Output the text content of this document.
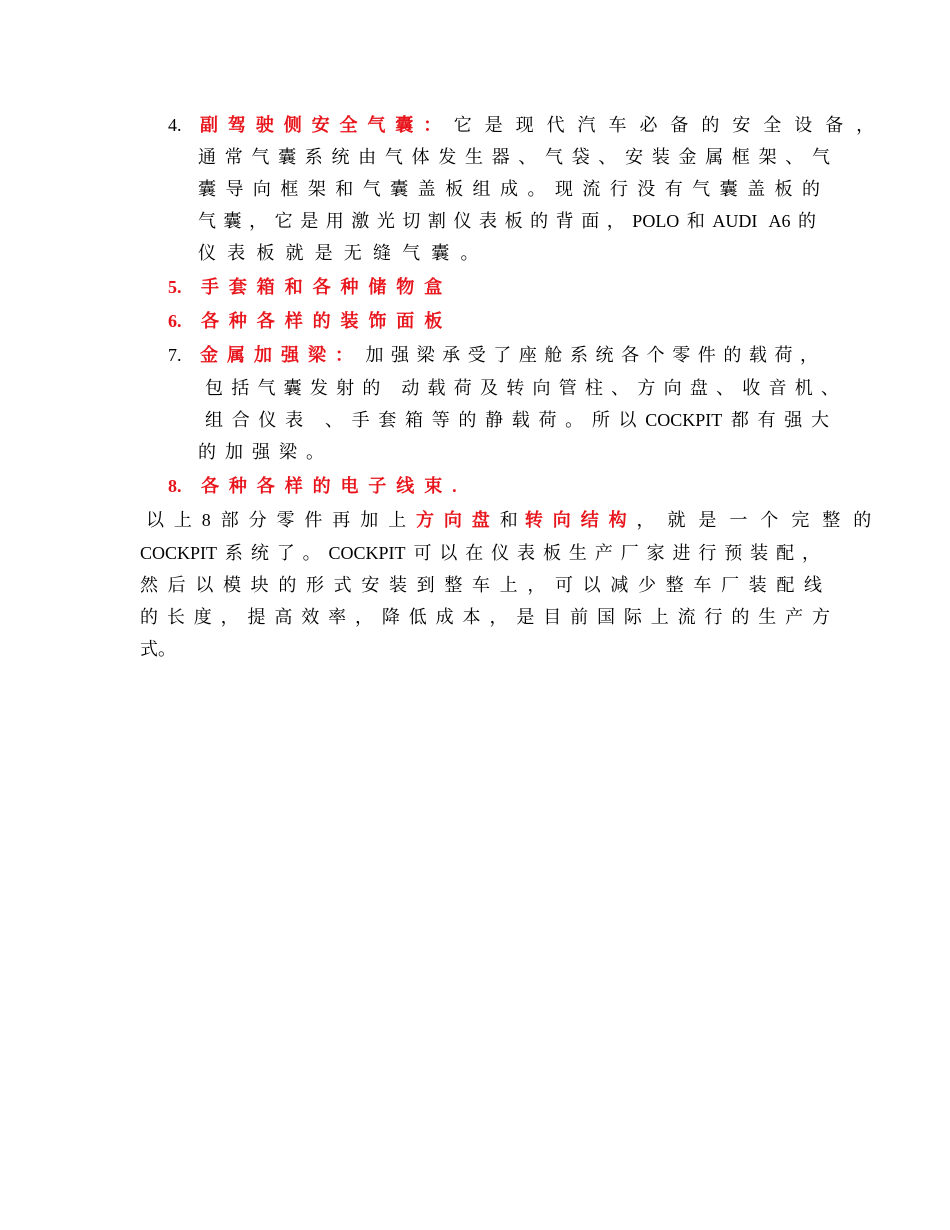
4. 副驾驶侧安全气囊： 它是现代汽车必备的安全设备，
通常气囊系统由气体发生器、气袋、安装金属框架、气
囊导向框架和气囊盖板组成。现流行没有气囊盖板的
气囊，它是用激光切割仪表板的背面，POLO和AUDI A6的
仪表板就是无缝气囊。
5. 手套箱和各种储物盒
6. 各种各样的装饰面板
7. 金属加强梁： 加强梁承受了座舱系统各个零件的载荷，
包括气囊发射的 动载荷及转向管柱、方向盘、收音机、
组合仪表 、手套箱等的静载荷。所以COCKPIT都有强大
的加强梁。
8. 各种各样的电子线束.
以上8部分零件再加上方向盘和转向结构，就是一个完整的
COCKPIT系统了。COCKPIT可以在仪表板生产厂家进行预装配，
然后以模块的形式安装到整车上，可以减少整车厂装配线
的长度，提高效率，降低成本，是目前国际上流行的生产方
式。
